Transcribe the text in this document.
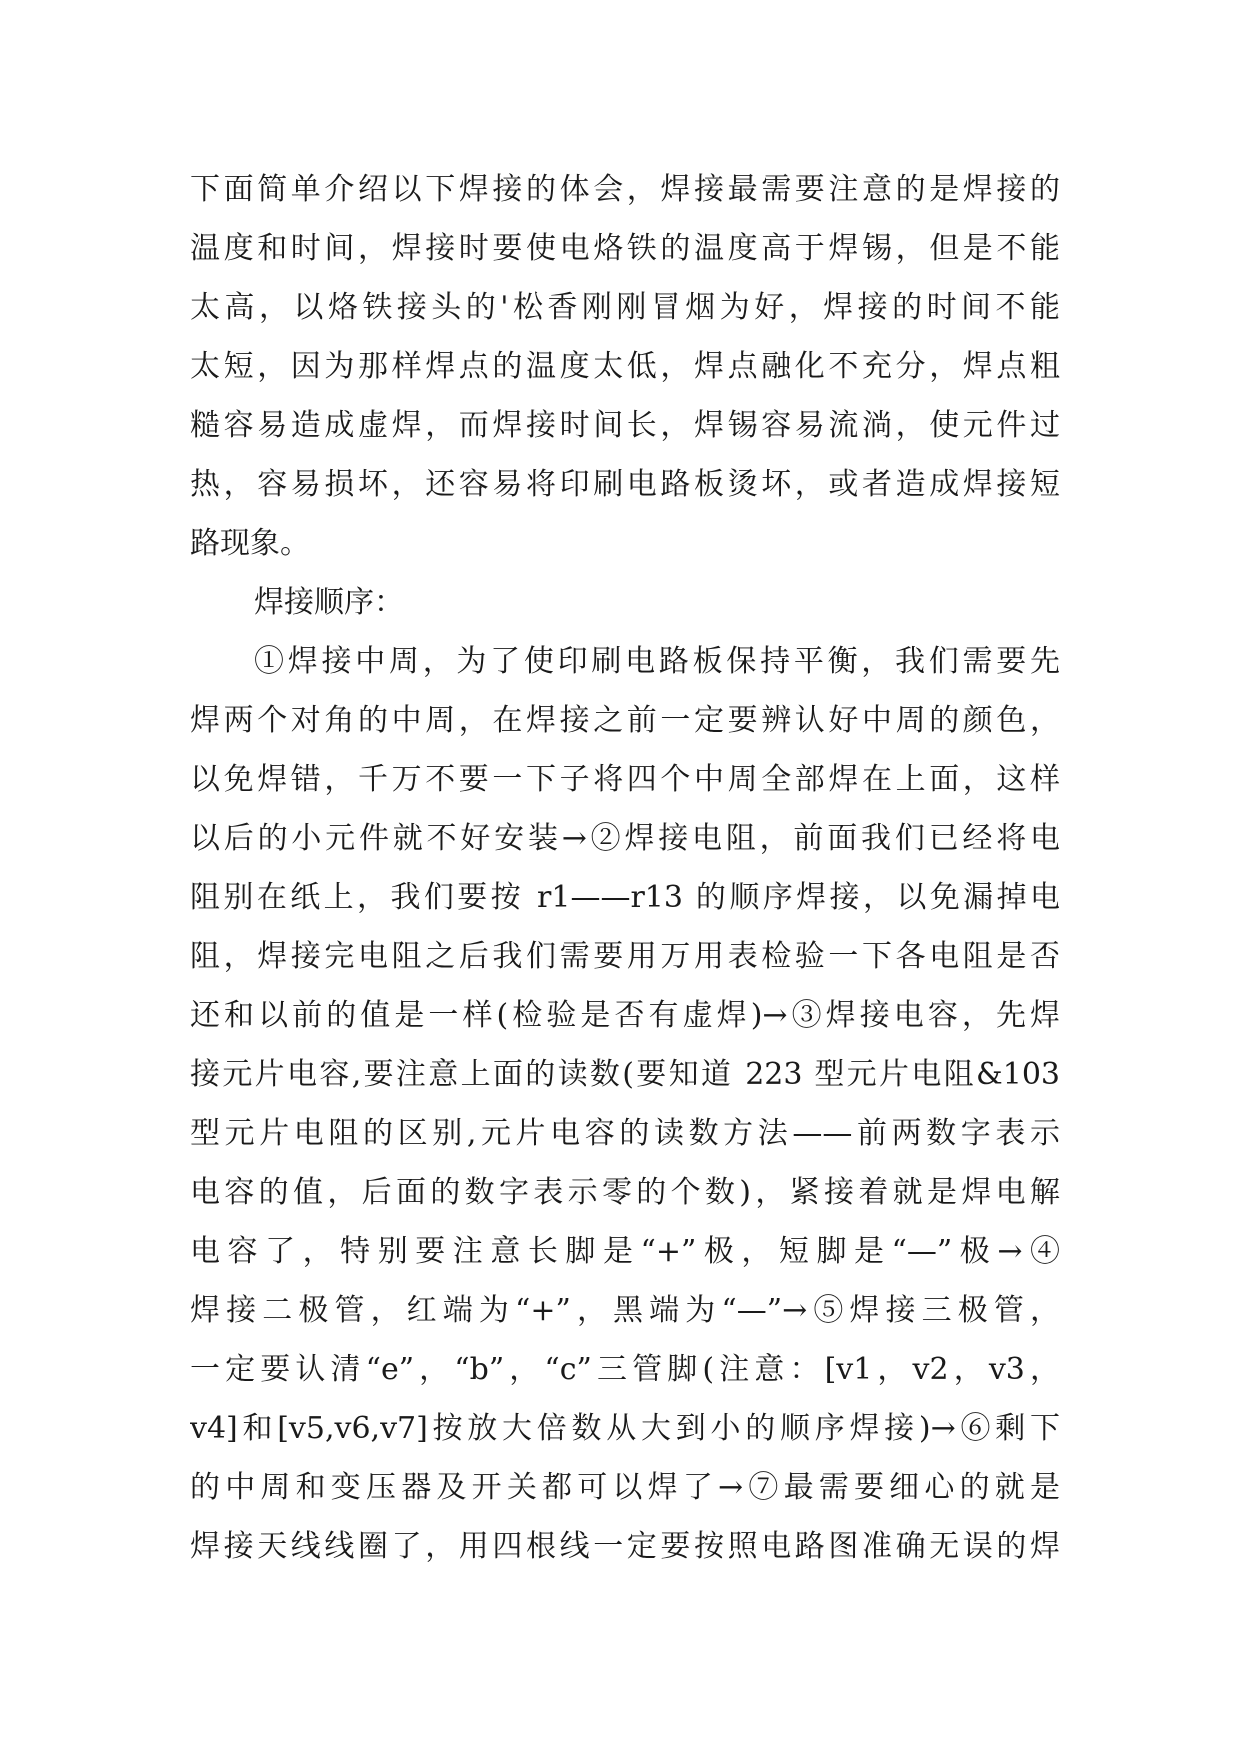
下面简单介绍以下焊接的体会，焊接最需要注意的是焊接的
温度和时间，焊接时要使电烙铁的温度高于焊锡，但是不能
太高，以烙铁接头的'松香刚刚冒烟为好，焊接的时间不能
太短，因为那样焊点的温度太低，焊点融化不充分，焊点粗
糙容易造成虚焊，而焊接时间长，焊锡容易流淌，使元件过
热，容易损坏，还容易将印刷电路板烫坏，或者造成焊接短
路现象。
焊接顺序：
①焊接中周，为了使印刷电路板保持平衡，我们需要先
焊两个对角的中周，在焊接之前一定要辨认好中周的颜色，
以免焊错，千万不要一下子将四个中周全部焊在上面，这样
以后的小元件就不好安装→②焊接电阻，前面我们已经将电
阻别在纸上，我们要按 r1——r13 的顺序焊接，以免漏掉电
阻，焊接完电阻之后我们需要用万用表检验一下各电阻是否
还和以前的值是一样(检验是否有虚焊)→③焊接电容，先焊
接元片电容,要注意上面的读数(要知道 223 型元片电阻&103
型元片电阻的区别,元片电容的读数方法——前两数字表示
电容的值，后面的数字表示零的个数)，紧接着就是焊电解
电容了，特别要注意长脚是“+”极，短脚是“—”极→④
焊接二极管，红端为“+”，黑端为“—”→⑤焊接三极管，
一定要认清“e”，“b”，“c”三管脚(注意：[v1，v2，v3，
v4]和[v5,v6,v7]按放大倍数从大到小的顺序焊接)→⑥剩下
的中周和变压器及开关都可以焊了→⑦最需要细心的就是
焊接天线线圈了，用四根线一定要按照电路图准确无误的焊
